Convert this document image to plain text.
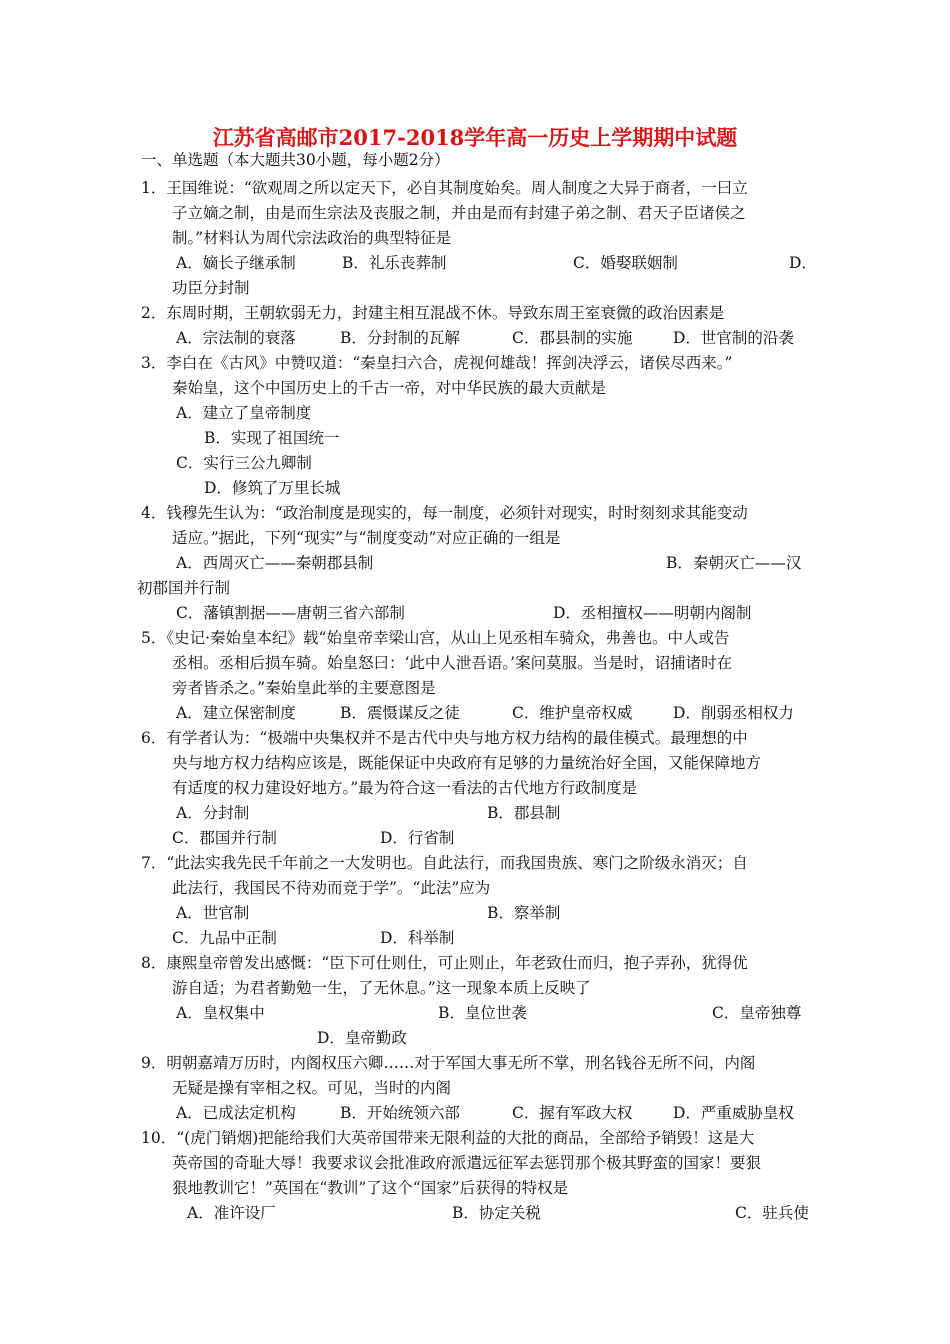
江苏省高邮市2017-2018学年高一历史上学期期中试题
一、单选题（本大题共30小题，每小题2分）
1．王国维说：“欲观周之所以定天下，必自其制度始矣。周人制度之大异于商者，一曰立
子立嫡之制，由是而生宗法及丧服之制，并由是而有封建子弟之制、君天子臣诸侯之
制。”材料认为周代宗法政治的典型特征是
A．嫡长子继承制	B．礼乐丧葬制	C．婚娶联姻制	D．
功臣分封制
2．东周时期，王朝软弱无力，封建主相互混战不休。导致东周王室衰微的政治因素是
A．宗法制的衰落	B．分封制的瓦解	C．郡县制的实施	D．世官制的沿袭
3．李白在《古风》中赞叹道：“秦皇扫六合，虎视何雄哉！挥剑决浮云，诸侯尽西来。”
秦始皇，这个中国历史上的千古一帝，对中华民族的最大贡献是
A．建立了皇帝制度
B．实现了祖国统一
C．实行三公九卿制
D．修筑了万里长城
4．钱穆先生认为：“政治制度是现实的，每一制度，必须针对现实，时时刻刻求其能变动
适应。”据此，下列“现实”与“制度变动”对应正确的一组是
A．西周灭亡——秦朝郡县制	B．秦朝灭亡——汉
初郡国并行制
C．藩镇割据——唐朝三省六部制	D．丞相擅权——明朝内阁制
5．《史记·秦始皇本纪》载“始皇帝幸梁山宫，从山上见丞相车骑众，弗善也。中人或告
丞相。丞相后损车骑。始皇怒曰：‘此中人泄吾语。’案问莫服。当是时，诏捕诸时在
旁者皆杀之。”秦始皇此举的主要意图是
A．建立保密制度	B．震慑谋反之徒	C．维护皇帝权威	D．削弱丞相权力
6．有学者认为：“极端中央集权并不是古代中央与地方权力结构的最佳模式。最理想的中
央与地方权力结构应该是，既能保证中央政府有足够的力量统治好全国，又能保障地方
有适度的权力建设好地方。”最为符合这一看法的古代地方行政制度是
A．分封制	B．郡县制
C．郡国并行制	D．行省制
7．“此法实我先民千年前之一大发明也。自此法行，而我国贵族、寒门之阶级永消灭；自
此法行，我国民不待劝而竞于学”。“此法”应为
A．世官制	B．察举制
C．九品中正制	D．科举制
8．康熙皇帝曾发出感慨：“臣下可仕则仕，可止则止，年老致仕而归，抱子弄孙，犹得优
游自适；为君者勤勉一生，了无休息。”这一现象本质上反映了
A．皇权集中	B．皇位世袭	C．皇帝独尊
D．皇帝勤政
9．明朝嘉靖万历时，内阁权压六卿……对于军国大事无所不掌，刑名钱谷无所不问，内阁
无疑是操有宰相之权。可见，当时的内阁
A．已成法定机构	B．开始统领六部	C．握有军政大权	D．严重威胁皇权
10．“(虎门销烟)把能给我们大英帝国带来无限利益的大批的商品，全部给予销毁！这是大
英帝国的奇耻大辱！我要求议会批准政府派遣远征军去惩罚那个极其野蛮的国家！要狠
狠地教训它！”英国在“教训”了这个“国家”后获得的特权是
A．准许设厂	B．协定关税	C．驻兵使
